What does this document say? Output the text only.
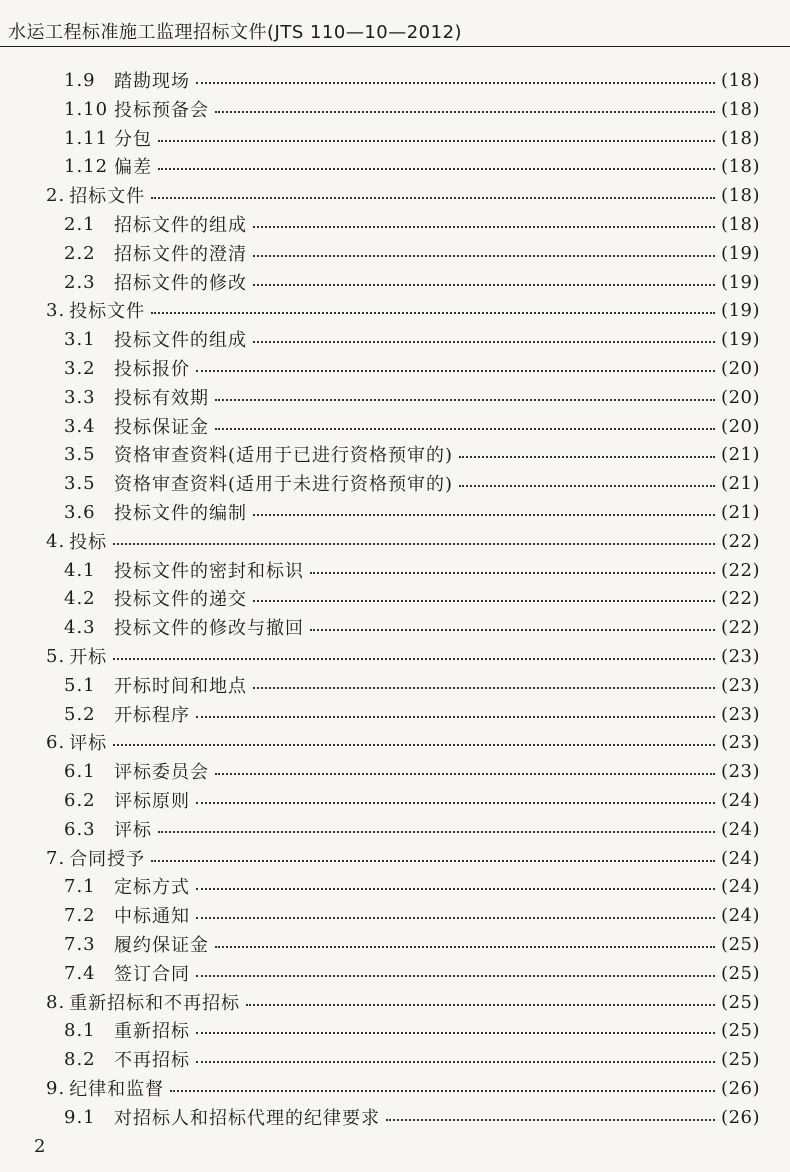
水运工程标准施工监理招标文件(JTS 110—10—2012)
1.9	踏勘现场	(18)
1.10 投标预备会	(18)
1.11 分包	(18)
1.12 偏差	(18)
2. 招标文件	(18)
2.1	招标文件的组成	(18)
2.2	招标文件的澄清	(19)
2.3	招标文件的修改	(19)
3. 投标文件	(19)
3.1	投标文件的组成	(19)
3.2	投标报价	(20)
3.3	投标有效期	(20)
3.4	投标保证金	(20)
3.5	资格审查资料(适用于已进行资格预审的)	(21)
3.5	资格审查资料(适用于未进行资格预审的)	(21)
3.6	投标文件的编制	(21)
4. 投标	(22)
4.1	投标文件的密封和标识	(22)
4.2	投标文件的递交	(22)
4.3	投标文件的修改与撤回	(22)
5. 开标	(23)
5.1	开标时间和地点	(23)
5.2	开标程序	(23)
6. 评标	(23)
6.1	评标委员会	(23)
6.2	评标原则	(24)
6.3	评标	(24)
7. 合同授予	(24)
7.1	定标方式	(24)
7.2	中标通知	(24)
7.3	履约保证金	(25)
7.4	签订合同	(25)
8. 重新招标和不再招标	(25)
8.1	重新招标	(25)
8.2	不再招标	(25)
9. 纪律和监督	(26)
9.1	对招标人和招标代理的纪律要求	(26)
2
